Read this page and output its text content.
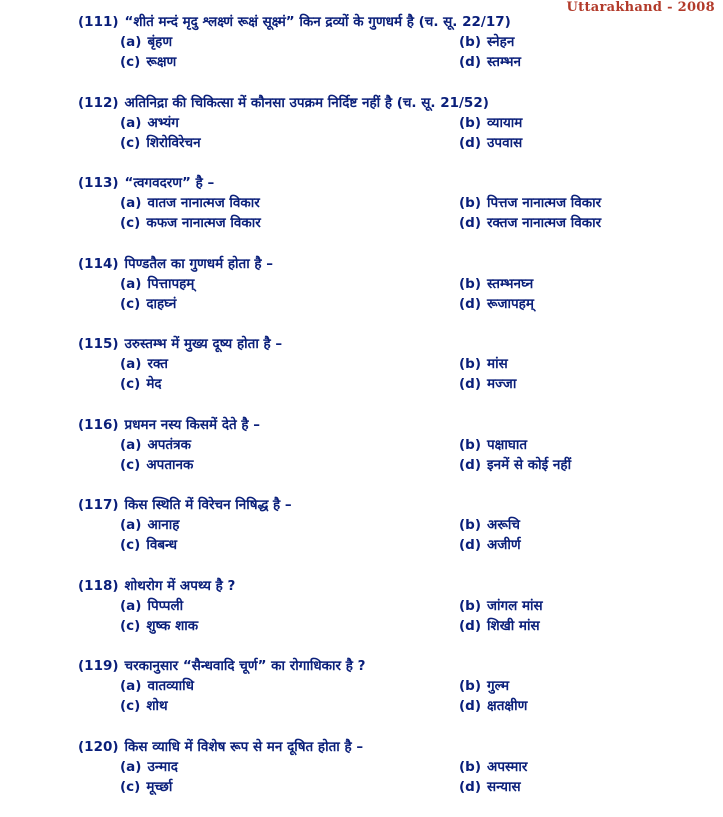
Uttarakhand - 2008
(111) “शीतं मन्दं मृदु श्लक्ष्णं रूक्षं सूक्ष्मं” किन द्रव्यों के गुणधर्म है (च. सू. 22/17)
(a) बृंहण	(b) स्नेहन
(c) रूक्षण	(d) स्तम्भन
(112) अतिनिद्रा की चिकित्सा में कौनसा उपक्रम निर्दिष्ट नहीं है (च. सू. 21/52)
(a) अभ्यंग	(b) व्यायाम
(c) शिरोविरेचन	(d) उपवास
(113) “त्वगवदरण” है –
(a) वातज नानात्मज विकार	(b) पित्तज नानात्मज विकार
(c) कफज नानात्मज विकार	(d) रक्तज नानात्मज विकार
(114) पिण्डतैल का गुणधर्म होता है –
(a) पित्तापहम्	(b) स्तम्भनघ्न
(c) दाहघ्नं	(d) रूजापहम्
(115) उरुस्तम्भ में मुख्य दूष्य होता है –
(a) रक्त	(b) मांस
(c) मेद	(d) मज्जा
(116) प्रधमन नस्य किसमें देते है –
(a) अपतंत्रक	(b) पक्षाघात
(c) अपतानक	(d) इनमें से कोई नहीं
(117) किस स्थिति में विरेचन निषिद्ध है –
(a) आनाह	(b) अरूचि
(c) विबन्ध	(d) अजीर्ण
(118) शोथरोग में अपथ्य है ?
(a) पिप्पली	(b) जांगल मांस
(c) शुष्क शाक	(d) शिखी मांस
(119) चरकानुसार “सैन्धवादि चूर्ण” का रोगाधिकार है ?
(a) वातव्याधि	(b) गुल्म
(c) शोथ	(d) क्षतक्षीण
(120) किस व्याधि में विशेष रूप से मन दूषित होता है –
(a) उन्माद	(b) अपस्मार
(c) मूर्च्छा	(d) सन्यास
